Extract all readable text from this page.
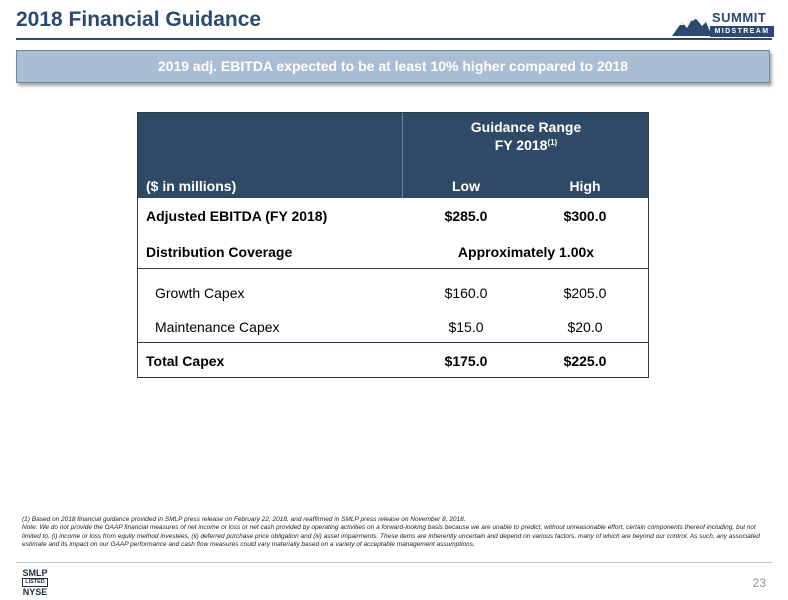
2018 Financial Guidance	SUMMIT
MIDSTREAM
2019 adj. EBITDA expected to be at least 10% higher compared to 2018
Guidance Range
FY 2018$^{(1)}$
($ in millions)	Low	High
Adjusted EBITDA (FY 2018)	$285.0	$300.0
Distribution Coverage	Approximately 1.00x
Growth Capex	$160.0	$205.0
Maintenance Capex	$15.0	$20.0
Total Capex	$175.0	$225.0
(1) Based on 2018 financial guidance provided in SMLP press release on February 22, 2018, and reaffirmed in SMLP press release on November 8, 2018.
Note: We do not provide the GAAP financial measures of net income or loss or net cash provided by operating activities on a forward-looking basis because we are unable to predict, without unreasonable effort, certain components thereof including, but not limited to, (i) income or loss from equity method investees, (ii) deferred purchase price obligation and (iii) asset impairments. These items are inherently uncertain and depend on various factors, many of which are beyond our control. As such, any associated estimate and its impact on our GAAP performance and cash flow measures could vary materially based on a variety of acceptable management assumptions.
SMLP
LISTED
NYSE
23
